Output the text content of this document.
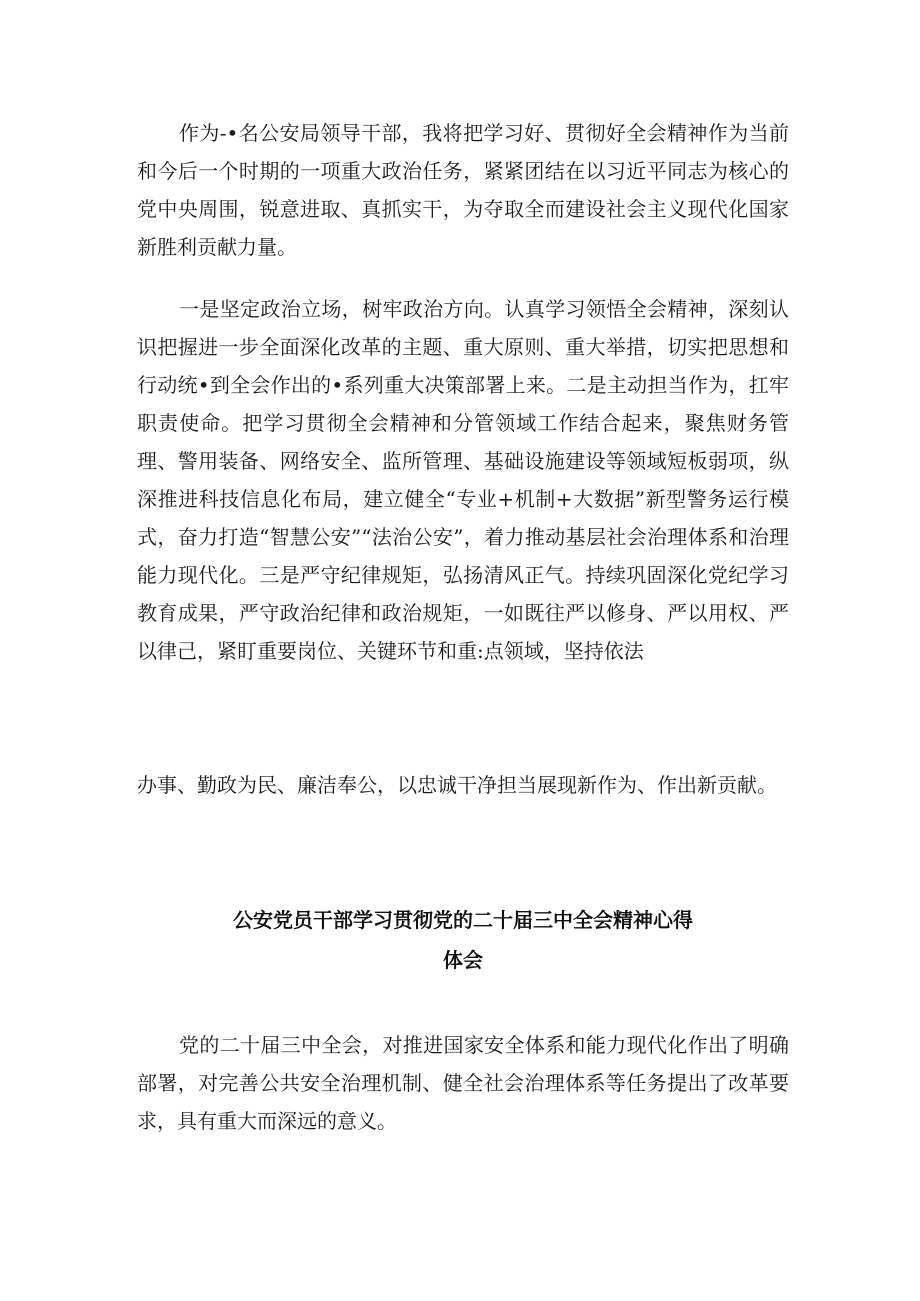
作为-•名公安局领导干部，我将把学习好、贯彻好全会精神作为当前和今后一个时期的一项重大政治任务，紧紧团结在以习近平同志为核心的党中央周围，锐意进取、真抓实干，为夺取全而建设社会主义现代化国家新胜利贡献力量。

一是坚定政治立场，树牢政治方向。认真学习领悟全会精神，深刻认识把握进一步全面深化改革的主题、重大原则、重大举措，切实把思想和行动统•到全会作出的•系列重大决策部署上来。二是主动担当作为，扛牢职责使命。把学习贯彻全会精神和分管领域工作结合起来，聚焦财务管理、警用装备、网络安全、监所管理、基础设施建设等领域短板弱项，纵深推进科技信息化布局，建立健全“专业+机制+大数据”新型警务运行模式，奋力打造“智慧公安”“法治公安”，着力推动基层社会治理体系和治理能力现代化。三是严守纪律规矩，弘扬清风正气。持续巩固深化党纪学习教育成果，严守政治纪律和政治规矩，一如既往严以修身、严以用权、严以律己，紧盯重要岗位、关键环节和重:点领域，坚持依法

办事、勤政为民、廉洁奉公，以忠诚干净担当展现新作为、作出新贡献。

公安党员干部学习贯彻党的二十届三中全会精神心得
体会

党的二十届三中全会，对推进国家安全体系和能力现代化作出了明确部署，对完善公共安全治理机制、健全社会治理体系等任务提出了改革要求，具有重大而深远的意义。
